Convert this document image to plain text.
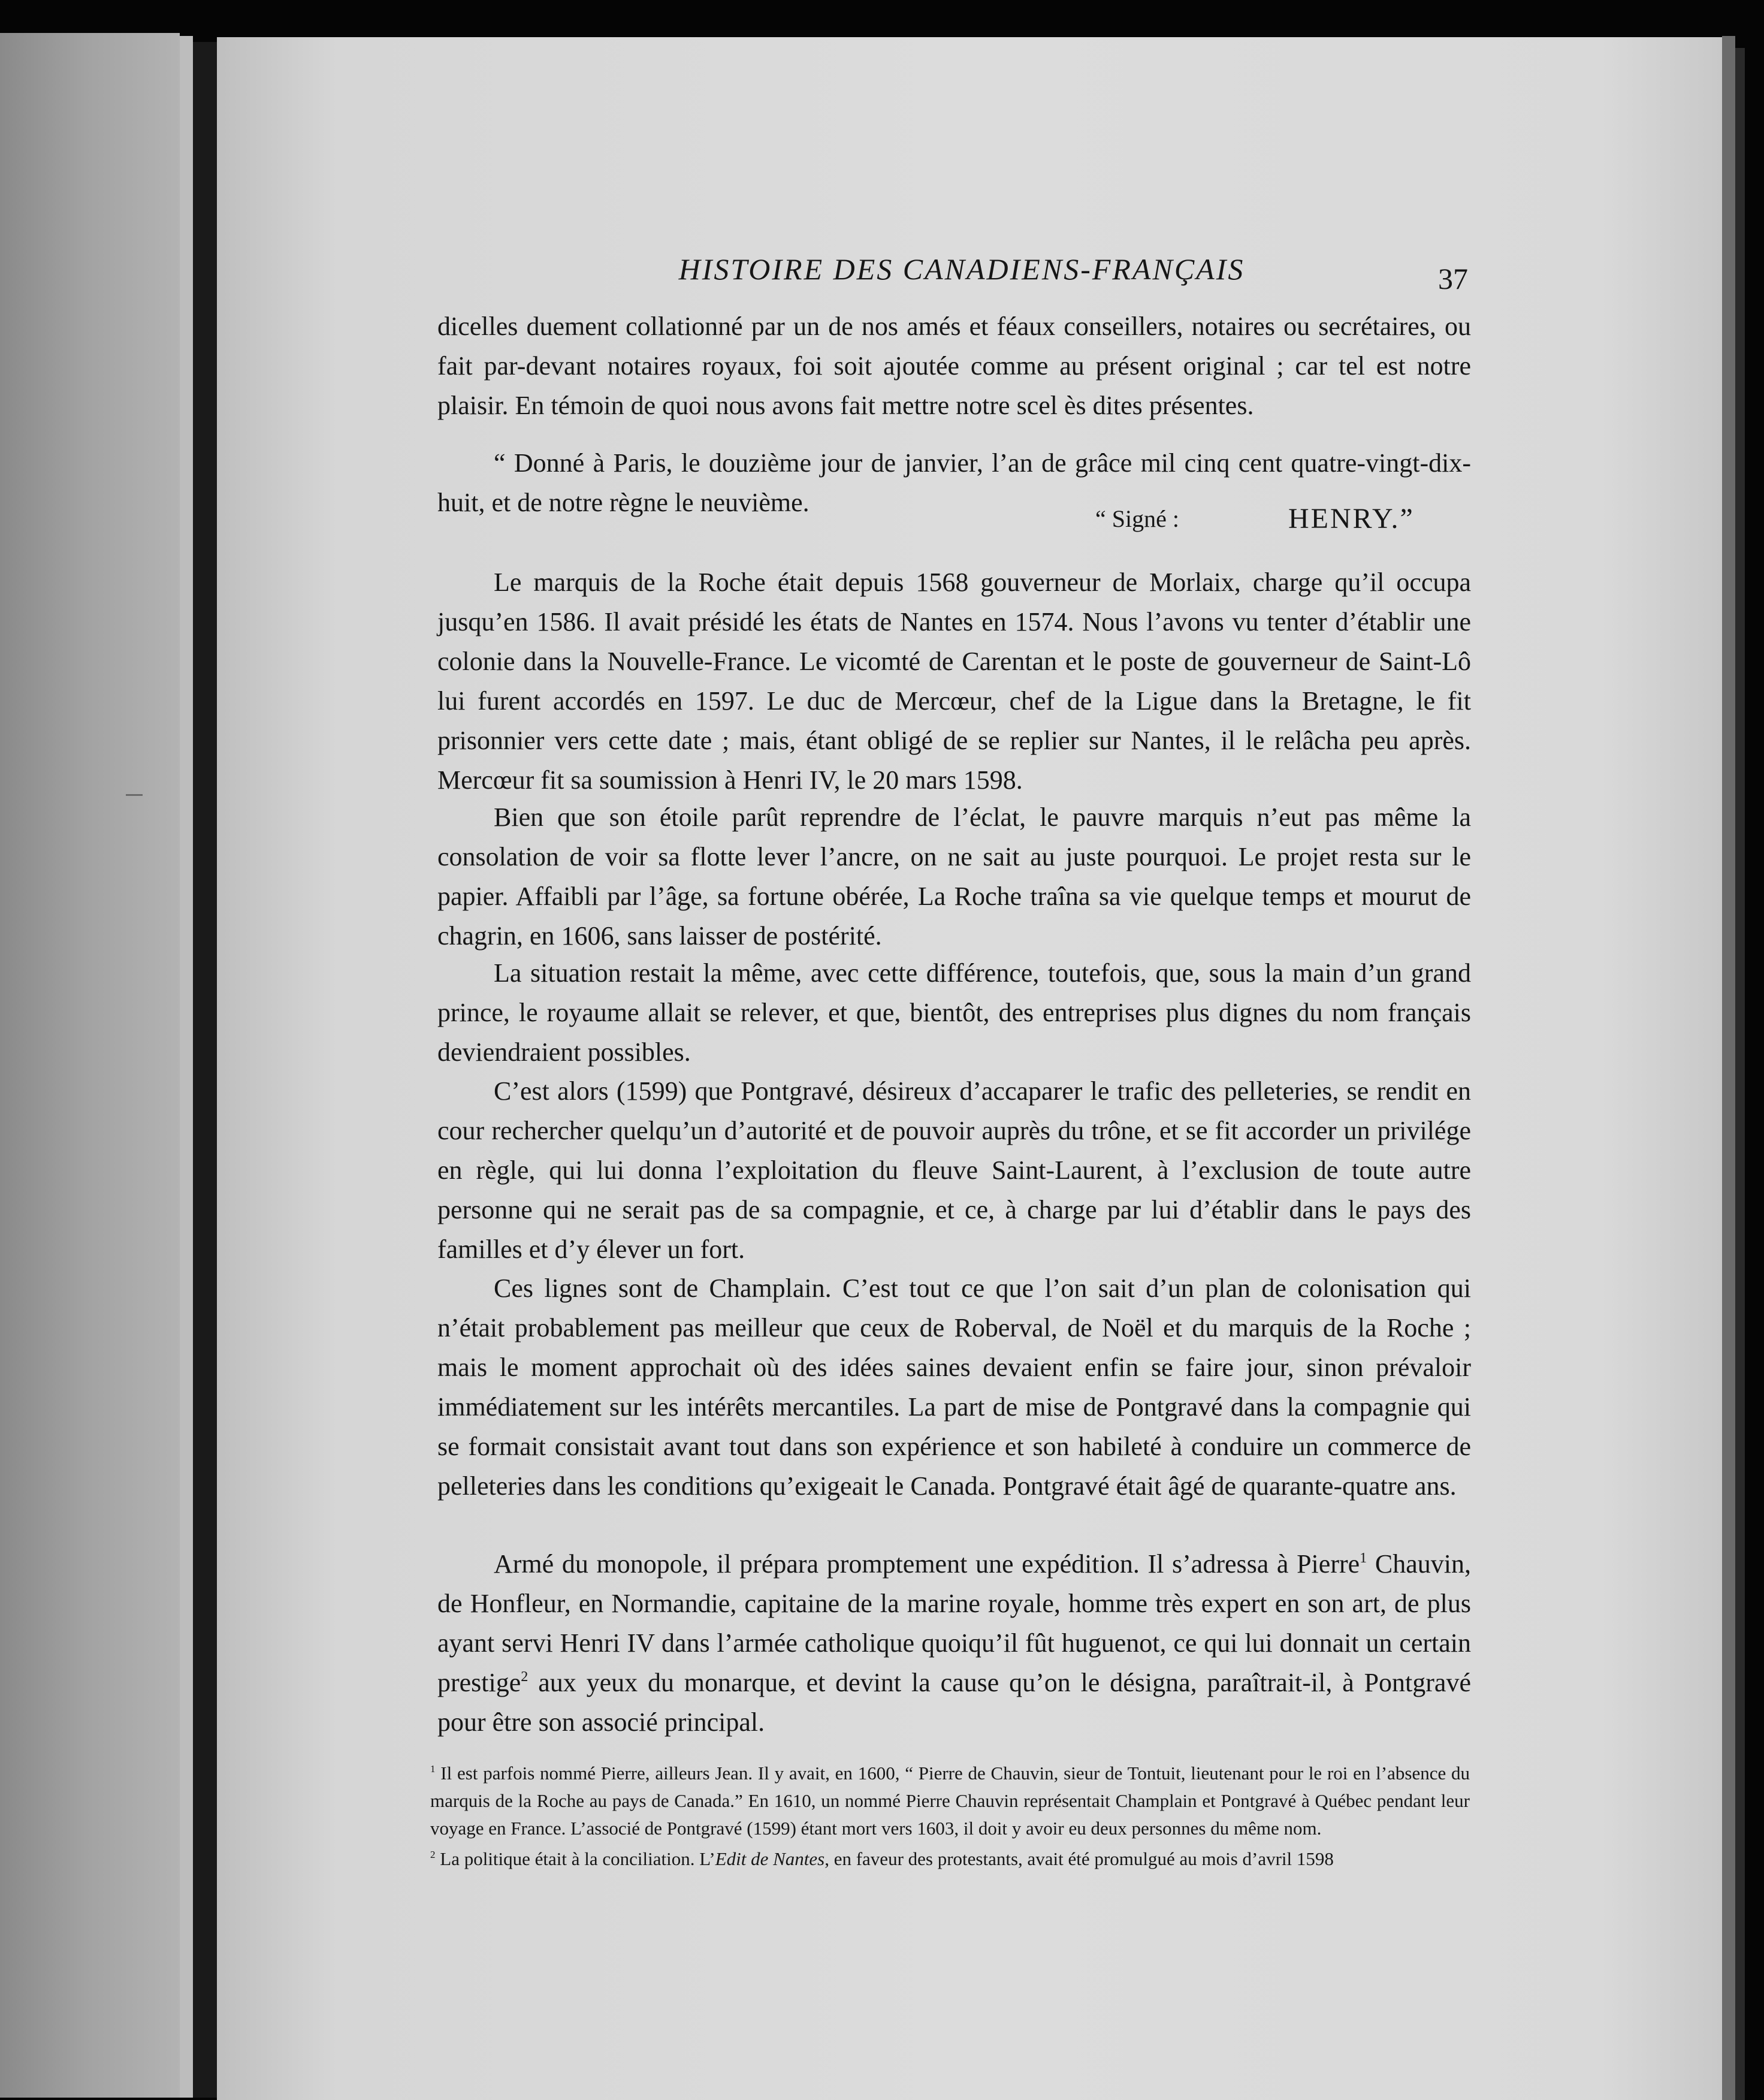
HISTOIRE DES CANADIENS-FRANÇAIS	37

dicelles duement collationné par un de nos amés et féaux conseillers, notaires ou secrétaires, ou fait par-devant notaires royaux, foi soit ajoutée comme au présent original ; car tel est notre plaisir. En témoin de quoi nous avons fait mettre notre scel ès dites présentes.

“ Donné à Paris, le douzième jour de janvier, l’an de grâce mil cinq cent quatre-vingt-dix-huit, et de notre règne le neuvième.

“ Signé :	HENRY.”

Le marquis de la Roche était depuis 1568 gouverneur de Morlaix, charge qu’il occupa jusqu’en 1586. Il avait présidé les états de Nantes en 1574. Nous l’avons vu tenter d’établir une colonie dans la Nouvelle-France. Le vicomté de Carentan et le poste de gouverneur de Saint-Lô lui furent accordés en 1597. Le duc de Mercœur, chef de la Ligue dans la Bretagne, le fit prisonnier vers cette date ; mais, étant obligé de se replier sur Nantes, il le relâcha peu après. Mercœur fit sa soumission à Henri IV, le 20 mars 1598.

Bien que son étoile parût reprendre de l’éclat, le pauvre marquis n’eut pas même la consolation de voir sa flotte lever l’ancre, on ne sait au juste pourquoi. Le projet resta sur le papier. Affaibli par l’âge, sa fortune obérée, La Roche traîna sa vie quelque temps et mourut de chagrin, en 1606, sans laisser de postérité.

La situation restait la même, avec cette différence, toutefois, que, sous la main d’un grand prince, le royaume allait se relever, et que, bientôt, des entreprises plus dignes du nom français deviendraient possibles.

C’est alors (1599) que Pontgravé, désireux d’accaparer le trafic des pelleteries, se rendit en cour rechercher quelqu’un d’autorité et de pouvoir auprès du trône, et se fit accorder un privilége en règle, qui lui donna l’exploitation du fleuve Saint-Laurent, à l’exclusion de toute autre personne qui ne serait pas de sa compagnie, et ce, à charge par lui d’établir dans le pays des familles et d’y élever un fort.

Ces lignes sont de Champlain. C’est tout ce que l’on sait d’un plan de colonisation qui n’était probablement pas meilleur que ceux de Roberval, de Noël et du marquis de la Roche ; mais le moment approchait où des idées saines devaient enfin se faire jour, sinon prévaloir immédiatement sur les intérêts mercantiles. La part de mise de Pontgravé dans la compagnie qui se formait consistait avant tout dans son expérience et son habileté à conduire un commerce de pelleteries dans les conditions qu’exigeait le Canada. Pontgravé était âgé de quarante-quatre ans.

Armé du monopole, il prépara promptement une expédition. Il s’adressa à Pierre$^1$ Chauvin, de Honfleur, en Normandie, capitaine de la marine royale, homme très expert en son art, de plus ayant servi Henri IV dans l’armée catholique quoiqu’il fût huguenot, ce qui lui donnait un certain prestige$^2$ aux yeux du monarque, et devint la cause qu’on le désigna, paraîtrait-il, à Pontgravé pour être son associé principal.

$^1$ Il est parfois nommé Pierre, ailleurs Jean. Il y avait, en 1600, “ Pierre de Chauvin, sieur de Tontuit, lieutenant pour le roi en l’absence du marquis de la Roche au pays de Canada.” En 1610, un nommé Pierre Chauvin représentait Champlain et Pontgravé à Québec pendant leur voyage en France. L’associé de Pontgravé (1599) étant mort vers 1603, il doit y avoir eu deux personnes du même nom.

$^2$ La politique était à la conciliation. L’Edit de Nantes, en faveur des protestants, avait été promulgué au mois d’avril 1598
